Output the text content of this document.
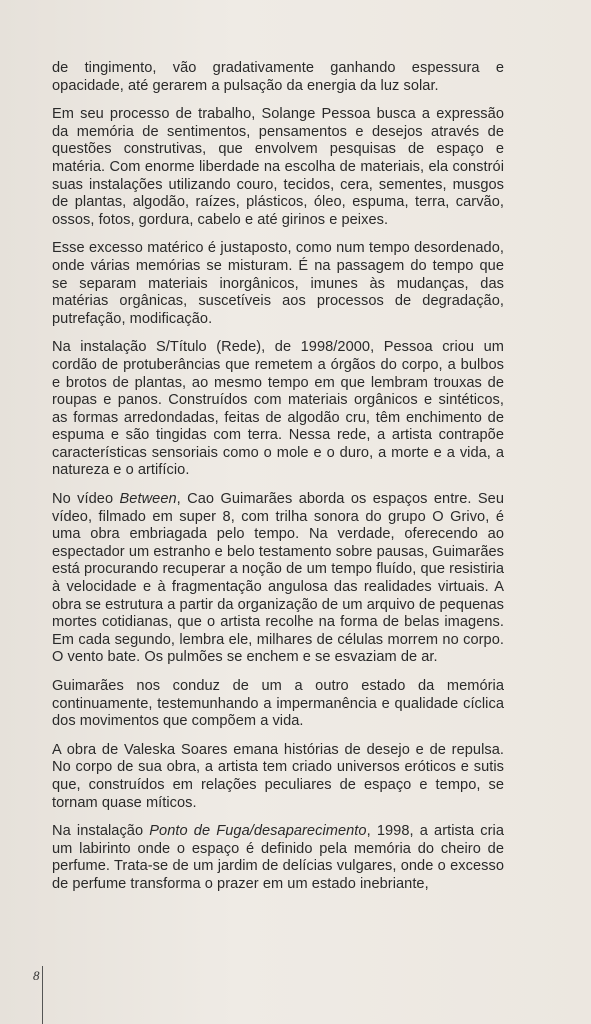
de tingimento, vão gradativamente ganhando espessura e opacidade, até gerarem a pulsação da energia da luz solar.

Em seu processo de trabalho, Solange Pessoa busca a expressão da memória de sentimentos, pensamentos e desejos através de questões construtivas, que envolvem pesquisas de espaço e matéria. Com enorme liberdade na escolha de materiais, ela constrói suas instalações utilizando couro, tecidos, cera, sementes, musgos de plantas, algodão, raízes, plásticos, óleo, espuma, terra, carvão, ossos, fotos, gordura, cabelo e até girinos e peixes.

Esse excesso matérico é justaposto, como num tempo desordenado, onde várias memórias se misturam. É na passagem do tempo que se separam materiais inorgânicos, imunes às mudanças, das matérias orgânicas, suscetíveis aos processos de degradação, putrefação, modificação.

Na instalação S/Título (Rede), de 1998/2000, Pessoa criou um cordão de protuberâncias que remetem a órgãos do corpo, a bulbos e brotos de plantas, ao mesmo tempo em que lembram trouxas de roupas e panos. Construídos com materiais orgânicos e sintéticos, as formas arredondadas, feitas de algodão cru, têm enchimento de espuma e são tingidas com terra. Nessa rede, a artista contrapõe características sensoriais como o mole e o duro, a morte e a vida, a natureza e o artifício.

No vídeo Between, Cao Guimarães aborda os espaços entre. Seu vídeo, filmado em super 8, com trilha sonora do grupo O Grivo, é uma obra embriagada pelo tempo. Na verdade, oferecendo ao espectador um estranho e belo testamento sobre pausas, Guimarães está procurando recuperar a noção de um tempo fluído, que resistiria à velocidade e à fragmentação angulosa das realidades virtuais. A obra se estrutura a partir da organização de um arquivo de pequenas mortes cotidianas, que o artista recolhe na forma de belas imagens. Em cada segundo, lembra ele, milhares de células morrem no corpo. O vento bate. Os pulmões se enchem e se esvaziam de ar.

Guimarães nos conduz de um a outro estado da memória continuamente, testemunhando a impermanência e qualidade cíclica dos movimentos que compõem a vida.

A obra de Valeska Soares emana histórias de desejo e de repulsa. No corpo de sua obra, a artista tem criado universos eróticos e sutis que, construídos em relações peculiares de espaço e tempo, se tornam quase míticos.

Na instalação Ponto de Fuga/desaparecimento, 1998, a artista cria um labirinto onde o espaço é definido pela memória do cheiro de perfume. Trata-se de um jardim de delícias vulgares, onde o excesso de perfume transforma o prazer em um estado inebriante,

8
